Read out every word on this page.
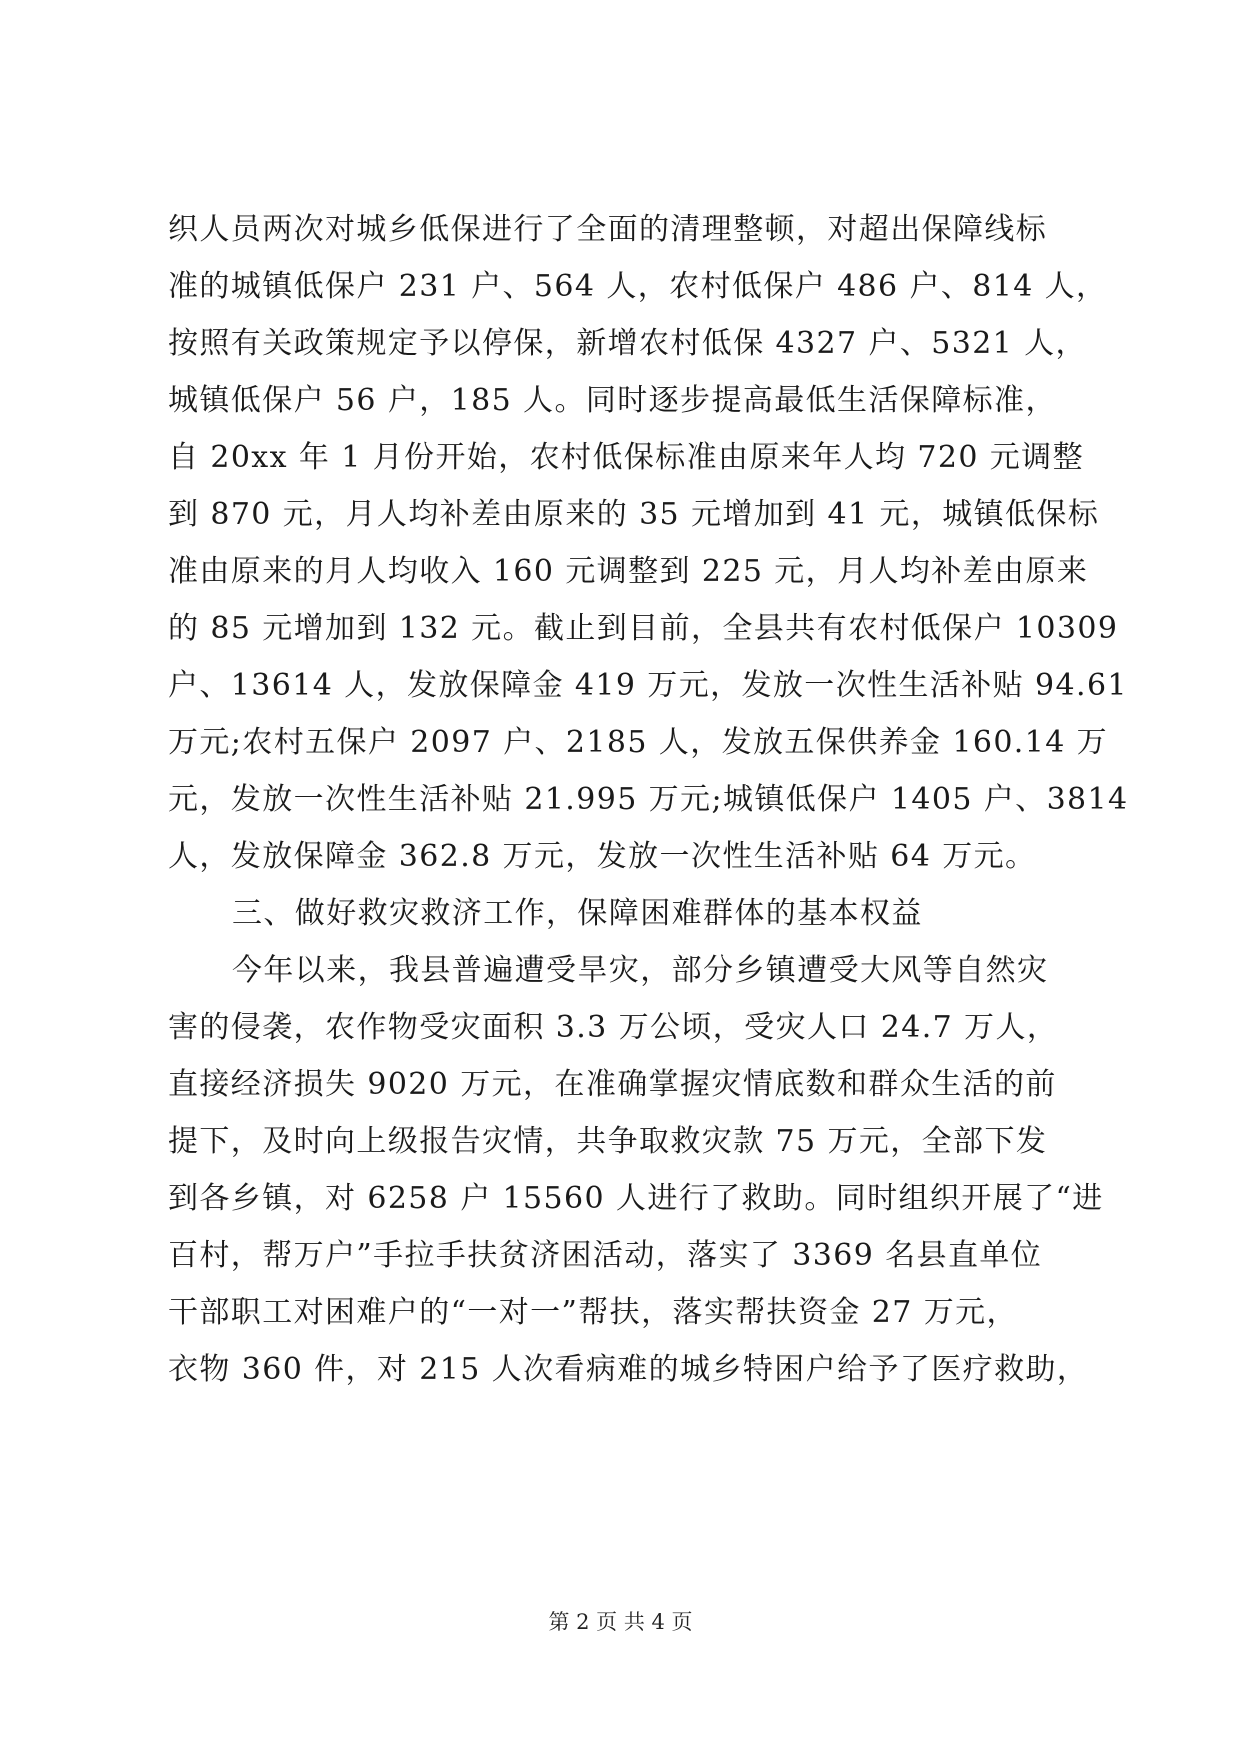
织人员两次对城乡低保进行了全面的清理整顿，对超出保障线标
准的城镇低保户 231 户、564 人，农村低保户 486 户、814 人，
按照有关政策规定予以停保，新增农村低保 4327 户、5321 人，
城镇低保户 56 户，185 人。同时逐步提高最低生活保障标准，
自 20xx 年 1 月份开始，农村低保标准由原来年人均 720 元调整
到 870 元，月人均补差由原来的 35 元增加到 41 元，城镇低保标
准由原来的月人均收入 160 元调整到 225 元，月人均补差由原来
的 85 元增加到 132 元。截止到目前，全县共有农村低保户 10309
户、13614 人，发放保障金 419 万元，发放一次性生活补贴 94.61
万元;农村五保户 2097 户、2185 人，发放五保供养金 160.14 万
元，发放一次性生活补贴 21.995 万元;城镇低保户 1405 户、3814
人，发放保障金 362.8 万元，发放一次性生活补贴 64 万元。
三、做好救灾救济工作，保障困难群体的基本权益
今年以来，我县普遍遭受旱灾，部分乡镇遭受大风等自然灾
害的侵袭，农作物受灾面积 3.3 万公顷，受灾人口 24.7 万人，
直接经济损失 9020 万元，在准确掌握灾情底数和群众生活的前
提下，及时向上级报告灾情，共争取救灾款 75 万元，全部下发
到各乡镇，对 6258 户 15560 人进行了救助。同时组织开展了“进
百村，帮万户”手拉手扶贫济困活动，落实了 3369 名县直单位
干部职工对困难户的“一对一”帮扶，落实帮扶资金 27 万元，
衣物 360 件，对 215 人次看病难的城乡特困户给予了医疗救助，
第 2 页 共 4 页
